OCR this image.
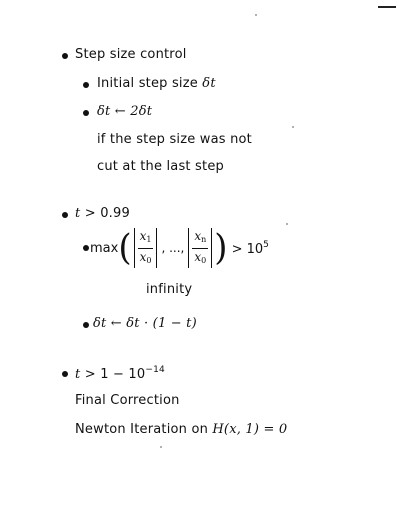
Step size control
Initial step size δt
δt ← 2δt
if the step size was not
cut at the last step
t > 0.99
max ( $\frac{x_1}{x_0}$ , ..., $\frac{x_n}{x_0}$ ) > $10^5$
infinity
δt ← δt · (1 − t)
$t > 1 - 10^{-14}$
Final Correction
Newton Iteration on H(x, 1) = 0
